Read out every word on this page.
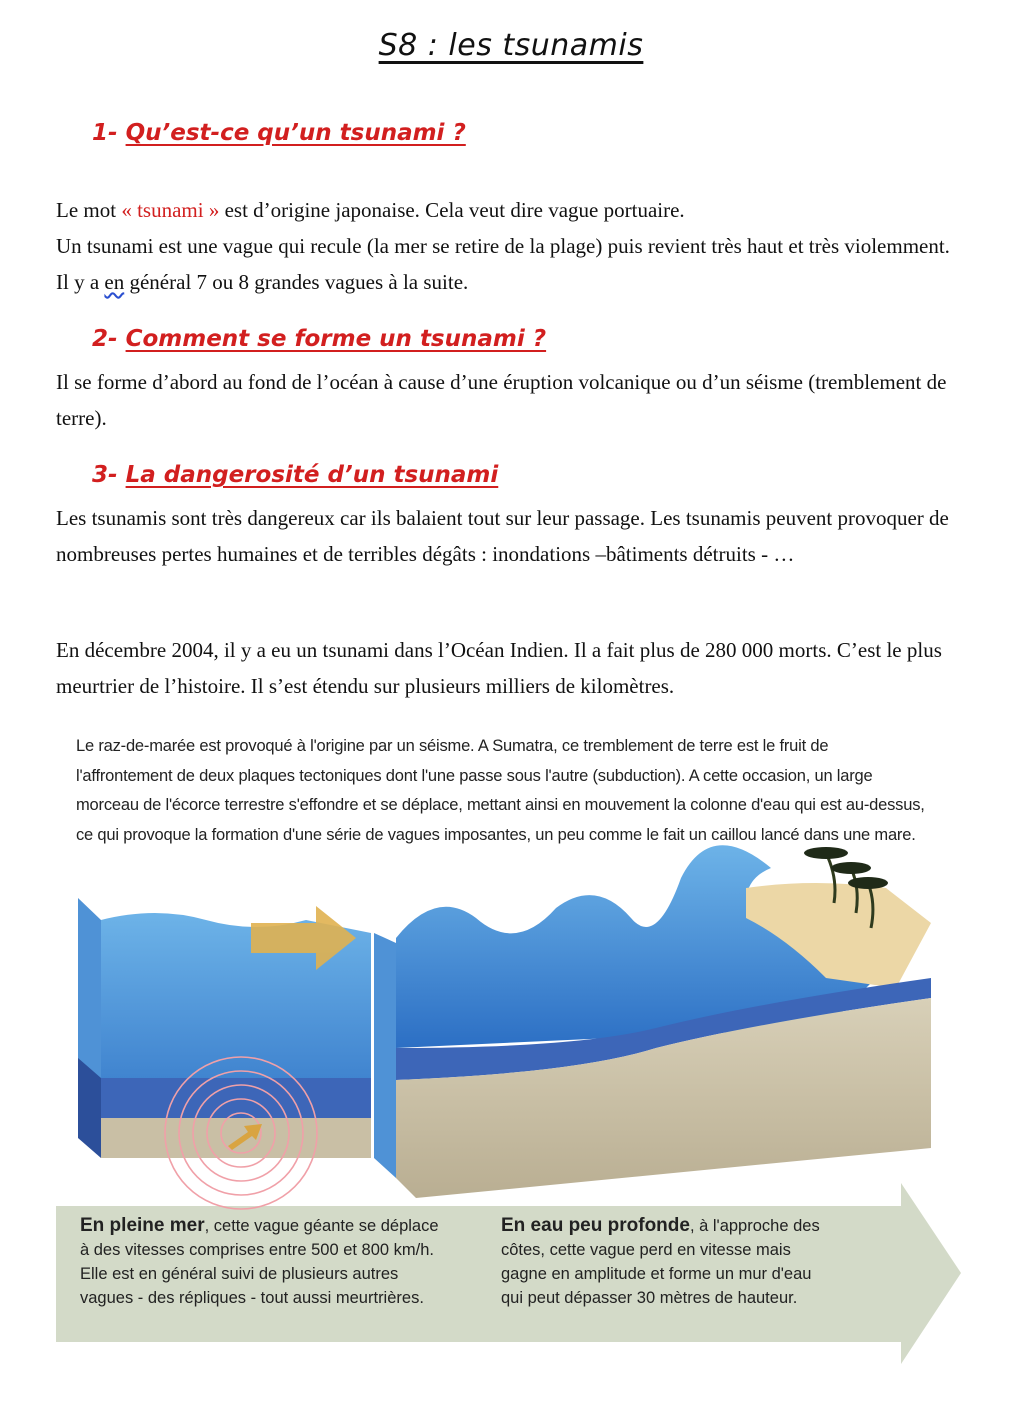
S8 : les tsunamis
1- Qu’est-ce qu’un tsunami ?

Le mot « tsunami » est d’origine japonaise. Cela veut dire vague portuaire.
Un tsunami est une vague qui recule (la mer se retire de la plage) puis revient très haut et très violemment. Il y a en général 7 ou 8 grandes vagues à la suite.

2- Comment se forme un tsunami ?

Il se forme d’abord au fond de l’océan à cause d’une éruption volcanique ou d’un séisme (tremblement de terre).

3- La dangerosité d’un tsunami

Les tsunamis sont très dangereux car ils balaient tout sur leur passage. Les tsunamis peuvent provoquer de nombreuses pertes humaines et de terribles dégâts : inondations –bâtiments détruits - …

En décembre 2004, il y a eu un tsunami dans l’Océan Indien. Il a fait plus de 280 000 morts. C’est le plus meurtrier de l’histoire. Il s’est étendu sur plusieurs milliers de kilomètres.

Le raz-de-marée est provoqué à l'origine par un séisme. A Sumatra, ce tremblement de terre est le fruit de l'affrontement de deux plaques tectoniques dont l'une passe sous l'autre (subduction). A cette occasion, un large morceau de l'écorce terrestre s'effondre et se déplace, mettant ainsi en mouvement la colonne d'eau qui est au-dessus, ce qui provoque la formation d'une série de vagues imposantes, un peu comme le fait un caillou lancé dans une mare.
En pleine mer, cette vague géante se déplace à des vitesses comprises entre 500 et 800 km/h. Elle est en général suivi de plusieurs autres vagues - des répliques - tout aussi meurtrières.
En eau peu profonde, à l'approche des côtes, cette vague perd en vitesse mais gagne en amplitude et forme un mur d'eau qui peut dépasser 30 mètres de hauteur.
